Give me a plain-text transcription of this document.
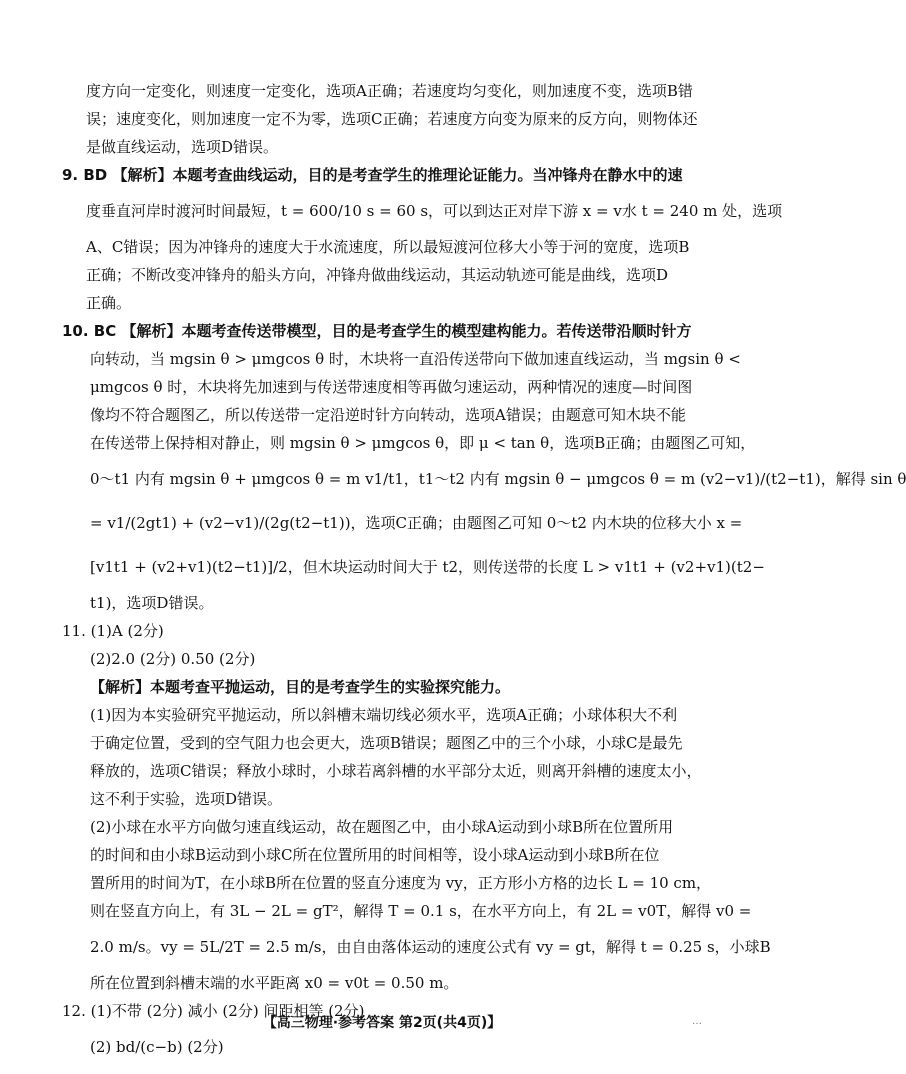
度方向一定变化，则速度一定变化，选项A正确；若速度均匀变化，则加速度不变，选项B错
误；速度变化，则加速度一定不为零，选项C正确；若速度方向变为原来的反方向，则物体还
是做直线运动，选项D错误。
9. BD 【解析】本题考查曲线运动，目的是考查学生的推理论证能力。当冲锋舟在静水中的速
度垂直河岸时渡河时间最短，t = 600/10 s = 60 s，可以到达正对岸下游 x = v水 t = 240 m 处，选项
A、C错误；因为冲锋舟的速度大于水流速度，所以最短渡河位移大小等于河的宽度，选项B
正确；不断改变冲锋舟的船头方向，冲锋舟做曲线运动，其运动轨迹可能是曲线，选项D
正确。
10. BC 【解析】本题考查传送带模型，目的是考查学生的模型建构能力。若传送带沿顺时针方
向转动，当 mgsin θ > μmgcos θ 时，木块将一直沿传送带向下做加速直线运动，当 mgsin θ <
μmgcos θ 时，木块将先加速到与传送带速度相等再做匀速运动，两种情况的速度—时间图
像均不符合题图乙，所以传送带一定沿逆时针方向转动，选项A错误；由题意可知木块不能
在传送带上保持相对静止，则 mgsin θ > μmgcos θ，即 μ < tan θ，选项B正确；由题图乙可知，
0～t1 内有 mgsin θ + μmgcos θ = m v1/t1，t1～t2 内有 mgsin θ − μmgcos θ = m (v2−v1)/(t2−t1)，解得 sin θ
= v1/(2gt1) + (v2−v1)/(2g(t2−t1))，选项C正确；由题图乙可知 0～t2 内木块的位移大小 x =
[v1t1 + (v2+v1)(t2−t1)]/2，但木块运动时间大于 t2，则传送带的长度 L > v1t1 + (v2+v1)(t2−
t1)，选项D错误。
11. (1)A (2分)
(2)2.0 (2分) 0.50 (2分)
【解析】本题考查平抛运动，目的是考查学生的实验探究能力。
(1)因为本实验研究平抛运动，所以斜槽末端切线必须水平，选项A正确；小球体积大不利
于确定位置，受到的空气阻力也会更大，选项B错误；题图乙中的三个小球，小球C是最先
释放的，选项C错误；释放小球时，小球若离斜槽的水平部分太近，则离开斜槽的速度太小，
这不利于实验，选项D错误。
(2)小球在水平方向做匀速直线运动，故在题图乙中，由小球A运动到小球B所在位置所用
的时间和由小球B运动到小球C所在位置所用的时间相等，设小球A运动到小球B所在位
置所用的时间为T，在小球B所在位置的竖直分速度为 vy，正方形小方格的边长 L = 10 cm，
则在竖直方向上，有 3L − 2L = gT²，解得 T = 0.1 s，在水平方向上，有 2L = v0T，解得 v0 =
2.0 m/s。vy = 5L/2T = 2.5 m/s，由自由落体运动的速度公式有 vy = gt，解得 t = 0.25 s，小球B
所在位置到斜槽末端的水平距离 x0 = v0t = 0.50 m。
12. (1)不带 (2分) 减小 (2分) 间距相等 (2分)
(2) bd/(c−b) (2分)
【高三物理·参考答案 第2页(共4页)】	…
